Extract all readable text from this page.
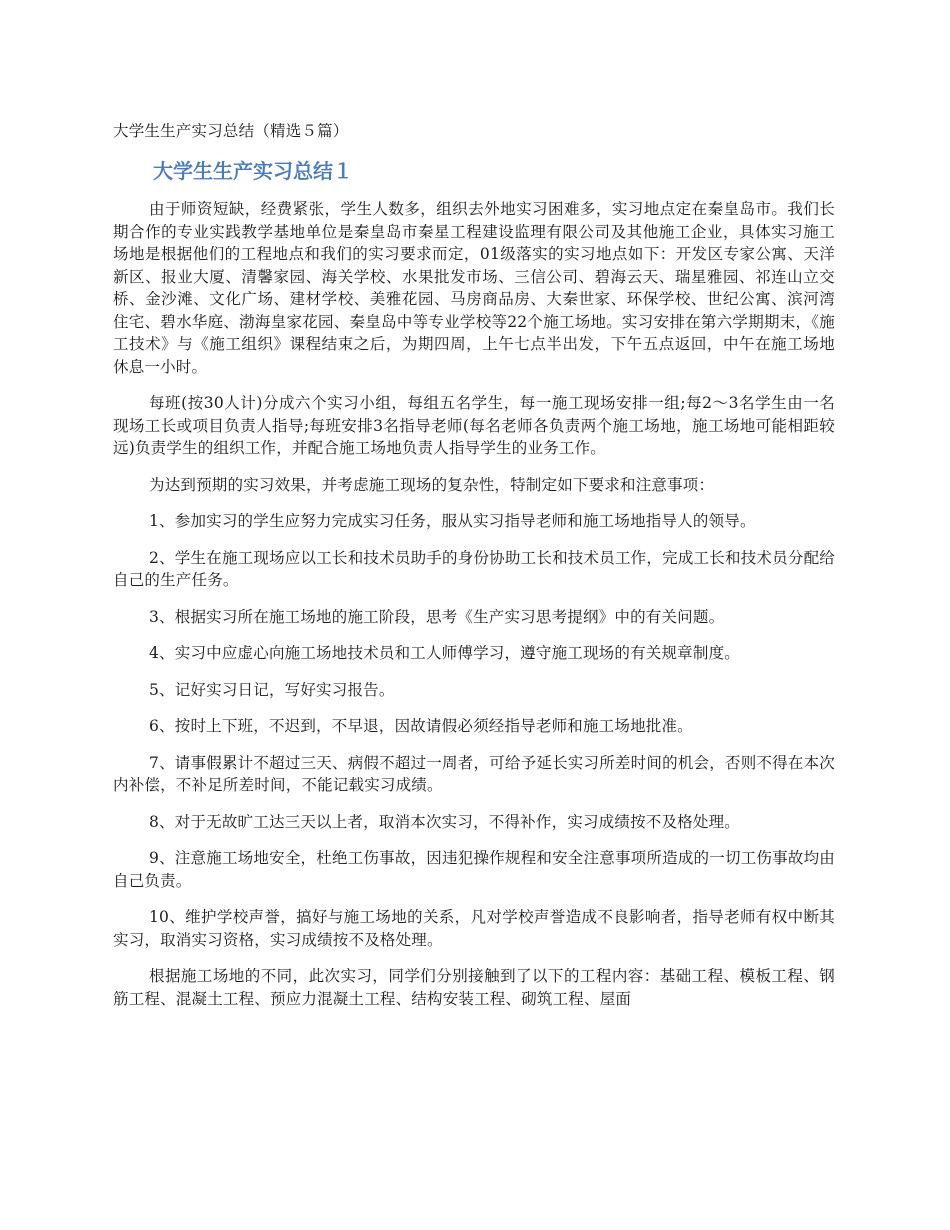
大学生生产实习总结（精选５篇）
大学生生产实习总结１

由于师资短缺，经费紧张，学生人数多，组织去外地实习困难多，实习地点定在秦皇岛市。我们长期合作的专业实践教学基地单位是秦皇岛市秦星工程建设监理有限公司及其他施工企业，具体实习施工场地是根据他们的工程地点和我们的实习要求而定，01级落实的实习地点如下：开发区专家公寓、天洋新区、报业大厦、清馨家园、海关学校、水果批发市场、三信公司、碧海云天、瑞星雅园、祁连山立交桥、金沙滩、文化广场、建材学校、美雅花园、马房商品房、大秦世家、环保学校、世纪公寓、滨河湾住宅、碧水华庭、渤海皇家花园、秦皇岛中等专业学校等22个施工场地。实习安排在第六学期期末，《施工技术》与《施工组织》课程结束之后，为期四周，上午七点半出发，下午五点返回，中午在施工场地休息一小时。

每班(按30人计)分成六个实习小组，每组五名学生，每一施工现场安排一组;每2～3名学生由一名现场工长或项目负责人指导;每班安排3名指导老师(每名老师各负责两个施工场地，施工场地可能相距较远)负责学生的组织工作，并配合施工场地负责人指导学生的业务工作。

为达到预期的实习效果，并考虑施工现场的复杂性，特制定如下要求和注意事项：

1、参加实习的学生应努力完成实习任务，服从实习指导老师和施工场地指导人的领导。

2、学生在施工现场应以工长和技术员助手的身份协助工长和技术员工作，完成工长和技术员分配给自己的生产任务。

3、根据实习所在施工场地的施工阶段，思考《生产实习思考提纲》中的有关问题。

4、实习中应虚心向施工场地技术员和工人师傅学习，遵守施工现场的有关规章制度。

5、记好实习日记，写好实习报告。

6、按时上下班，不迟到，不早退，因故请假必须经指导老师和施工场地批准。

7、请事假累计不超过三天、病假不超过一周者，可给予延长实习所差时间的机会，否则不得在本次内补偿，不补足所差时间，不能记载实习成绩。

8、对于无故旷工达三天以上者，取消本次实习，不得补作，实习成绩按不及格处理。

9、注意施工场地安全，杜绝工伤事故，因违犯操作规程和安全注意事项所造成的一切工伤事故均由自己负责。

10、维护学校声誉，搞好与施工场地的关系，凡对学校声誉造成不良影响者，指导老师有权中断其实习，取消实习资格，实习成绩按不及格处理。

根据施工场地的不同，此次实习，同学们分别接触到了以下的工程内容：基础工程、模板工程、钢筋工程、混凝土工程、预应力混凝土工程、结构安装工程、砌筑工程、屋面
